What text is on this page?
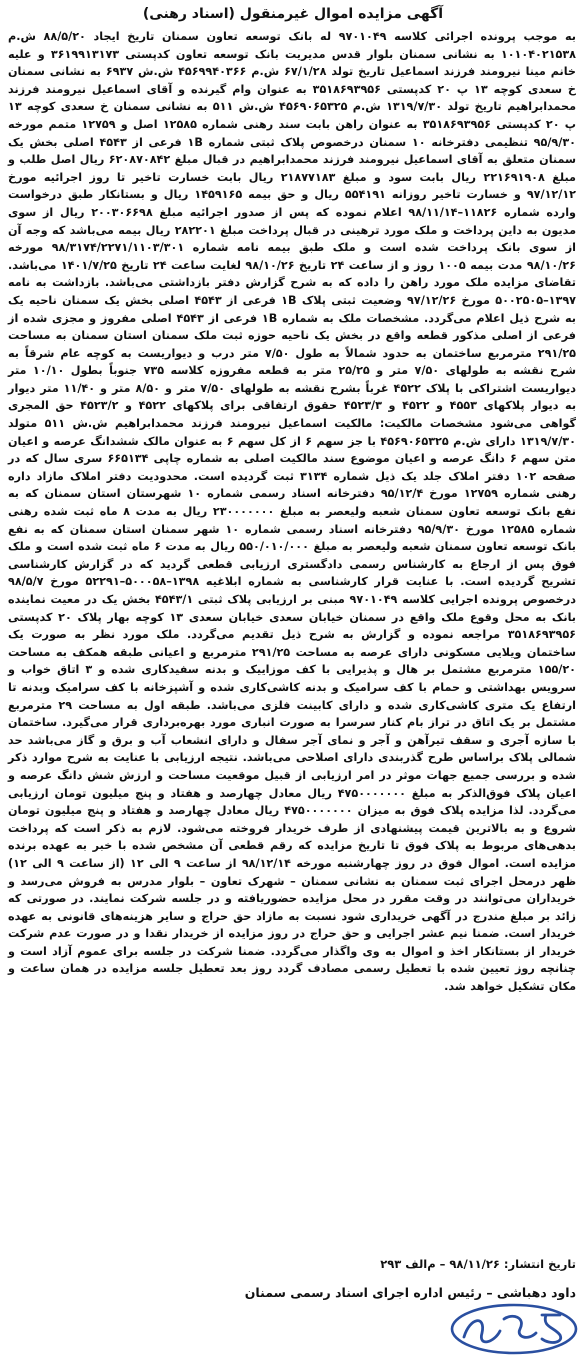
آگهی مزایده اموال غیرمنقول (اسناد رهنی)

به موجب پرونده اجرائی کلاسه ۹۷۰۱۰۴۹ له بانک توسعه تعاون سمنان تاریخ ایجاد ۸۸/۵/۲۰ ش.م ۱۰۱۰۴۰۲۱۵۳۸ به نشانی سمنان بلوار قدس مدیریت بانک توسعه تعاون کدپستی ۳۶۱۹۹۱۳۱۷۳ و علیه خانم مینا نیرومند فرزند اسماعیل تاریخ تولد ۶۷/۱/۲۸ ش.م ۴۵۶۹۹۴۰۳۶۶ ش.ش ۶۹۳۷ به نشانی سمنان خ سعدی کوچه ۱۳ پ ۲۰ کدپستی ۳۵۱۸۶۹۳۹۵۶ به عنوان وام گیرنده و آقای اسماعیل نیرومند فرزند محمدابراهیم تاریخ تولد ۱۳۱۹/۷/۳۰ ش.م ۴۵۶۹۰۶۵۳۲۵ ش.ش ۵۱۱ به نشانی سمنان خ سعدی کوچه ۱۳ پ ۲۰ کدپستی ۳۵۱۸۶۹۳۹۵۶ به عنوان راهن بابت سند رهنی شماره ۱۲۵۸۵ اصل و ۱۲۷۵۹ متمم مورخه ۹۵/۹/۳۰ تنظیمی دفترخانه ۱۰ سمنان درخصوص پلاک ثبتی شماره ۱B فرعی از ۴۵۴۳ اصلی بخش یک سمنان متعلق به آقای اسماعیل نیرومند فرزند محمدابراهیم در قبال مبلغ ۶۲۰۸۷۰۸۴۲ ریال اصل طلب و مبلغ ۲۲۱۶۹۱۹۰۸ ریال بابت سود و مبلغ ۲۱۸۷۷۱۸۳ ریال بابت خسارت تاخیر تا روز اجرائیه مورخ ۹۷/۱۲/۱۲ و خسارت تاخیر روزانه ۵۵۴۱۹۱ ریال و حق بیمه ۱۴۵۹۱۶۵ ریال و بستانکار طبق درخواست وارده شماره ۱۱۸۲۶–۹۸/۱۱/۱۴ اعلام نموده که پس از صدور اجرائیه مبلغ ۲۰۰۳۰۶۶۹۸ ریال از سوی مدیون به داین پرداخت و ملک مورد ترهینی در قبال پرداخت مبلغ ۲۸۲۲۰۱ ریال بیمه می‌باشد که وجه آن از سوی بانک پرداخت شده است و ملک طبق بیمه نامه شماره ۹۸/۳۱۷۴/۲۲۷۱/۱۱۰۳/۳۰۱ مورخه ۹۸/۱۰/۲۶ مدت بیمه ۱۰۰۵ روز و از ساعت ۲۴ تاریخ ۹۸/۱۰/۲۶ لغایت ساعت ۲۴ تاریخ ۱۴۰۱/۷/۲۵ می‌باشد. تقاضای مزایده ملک مورد راهن را داده که به شرح گزارش دفتر بازداشتی می‌باشد. بازداشت به نامه ۱۳۹۷–۵۰۰۲۵۰۵ مورخ ۹۷/۱۲/۲۶ وضعیت ثبتی پلاک ۱B فرعی از ۴۵۴۳ اصلی بخش یک سمنان ناحیه یک به شرح ذیل اعلام می‌گردد. مشخصات ملک به شماره ۱B فرعی از ۴۵۴۳ اصلی مفروز و مجزی شده از فرعی از اصلی مذکور قطعه واقع در بخش یک ناحیه حوزه ثبت ملک سمنان استان سمنان به مساحت ۲۹۱/۲۵ مترمربع ساختمان به حدود شمالاً به طول ۷/۵۰ متر درب و دیواریست به کوچه عام شرقاً به شرح نقشه به طولهای ۷/۵۰ متر و ۲۵/۲۵ متر به قطعه مفروزه کلاسه ۷۳۵ جنوباً بطول ۱۰/۱۰ متر دیواریست اشتراکی با پلاک ۴۵۲۲ غرباً بشرح نقشه به طولهای ۷/۵۰ متر و ۸/۵۰ متر و ۱۱/۴۰ متر دیوار به دیوار پلاکهای ۴۵۵۳ و ۴۵۲۲ و ۴۵۲۳/۳ حقوق ارتفاقی برای پلاکهای ۴۵۲۲ و ۴۵۲۳/۲ حق المجری گواهی می‌شود مشخصات مالکیت: مالکیت اسماعیل نیرومند فرزند محمدابراهیم ش.ش ۵۱۱ متولد ۱۳۱۹/۷/۳۰ دارای ش.م ۴۵۶۹۰۶۵۳۲۵ با جز سهم ۶ از کل سهم ۶ به عنوان مالک ششدانگ عرصه و اعیان متن سهم ۶ دانگ عرصه و اعیان موضوع سند مالکیت اصلی به شماره چاپی ۶۶۵۱۳۴ سری سال که در صفحه ۱۰۲ دفتر املاک جلد یک ذیل شماره ۳۱۳۴ ثبت گردیده است. محدودیت دفتر املاک مازاد داره رهنی شماره ۱۲۷۵۹ مورخ ۹۵/۱۲/۴ دفترخانه اسناد رسمی شماره ۱۰ شهرستان استان سمنان که به نفع بانک توسعه تعاون سمنان شعبه ولیعصر به مبلغ ۲۳۰۰۰۰۰۰۰ ریال به مدت ۸ ماه ثبت شده رهنی شماره ۱۲۵۸۵ مورخ ۹۵/۹/۳۰ دفترخانه اسناد رسمی شماره ۱۰ شهر سمنان استان سمنان که به نفع بانک توسعه تعاون سمنان شعبه ولیعصر به مبلغ ۵۵۰/۰۱۰/۰۰۰ ریال به مدت ۶ ماه ثبت شده است و ملک فوق پس از ارجاع به کارشناس رسمی دادگستری ارزیابی قطعی گردید که در گزارش کارشناسی تشریح گردیده است. با عنایت قرار کارشناسی به شماره ابلاغیه ۱۳۹۸–۵۰۰۰۵۸–۵۲۲۹۱ مورخ ۹۸/۵/۷ درخصوص پرونده اجرایی کلاسه ۹۷۰۱۰۴۹ مبنی بر ارزیابی پلاک ثبتی ۴۵۴۳/۱ بخش یک در معیت نماینده بانک به محل وقوع ملک واقع در سمنان خیابان سعدی خیابان سعدی ۱۳ کوچه بهار پلاک ۲۰ کدپستی ۳۵۱۸۶۹۳۹۵۶ مراجعه نموده و گزارش به شرح ذیل تقدیم می‌گردد. ملک مورد نظر به صورت یک ساختمان ویلایی مسکونی دارای عرصه به مساحت ۲۹۱/۲۵ مترمربع و اعیانی طبقه همکف به مساحت ۱۵۵/۲۰ مترمربع مشتمل بر هال و پذیرایی با کف موزاییک و بدنه سفیدکاری شده و ۳ اتاق خواب و سرویس بهداشتی و حمام با کف سرامیک و بدنه کاشی‌کاری شده و آشپزخانه با کف سرامیک وبدنه تا ارتفاع یک متری کاشی‌کاری شده و دارای کابینت فلزی می‌باشد. طبقه اول به مساحت ۲۹ مترمربع مشتمل بر یک اتاق در تراز بام کنار سرسرا به صورت انباری مورد بهره‌برداری قرار می‌گیرد. ساختمان با سازه آجری و سقف تیرآهن و آجر و نمای آجر سفال و دارای انشعاب آب و برق و گاز می‌باشد حد شمالی پلاک براساس طرح گذربندی دارای اصلاحی می‌باشد. نتیجه ارزیابی با عنایت به شرح موارد ذکر شده و بررسی جمیع جهات موثر در امر ارزیابی از قبیل موقعیت مساحت و ارزش شش دانگ عرصه و اعیان پلاک فوق‌الذکر به مبلغ ۴۷۵۰۰۰۰۰۰۰ ریال معادل چهارصد و هفتاد و پنج میلیون تومان ارزیابی می‌گردد. لذا مزایده پلاک فوق به میزان ۴۷۵۰۰۰۰۰۰۰ ریال معادل چهارصد و هفتاد و پنج میلیون تومان شروع و به بالاترین قیمت پیشنهادی از طرف خریدار فروخته می‌شود. لازم به ذکر است که پرداخت بدهی‌های مربوط به پلاک فوق تا تاریخ مزایده که رقم قطعی آن مشخص شده با خبر به عهده برنده مزایده است. اموال فوق در روز چهارشنبه مورخه ۹۸/۱۲/۱۴ از ساعت ۹ الی ۱۲ (از ساعت ۹ الی ۱۲) ظهر درمحل اجرای ثبت سمنان به نشانی سمنان – شهرک تعاون – بلوار مدرس به فروش می‌رسد و خریداران می‌توانند در وقت مقرر در محل مزایده حضوریافته و در جلسه شرکت نمایند. در صورتی که زائد بر مبلغ مندرج در آگهی خریداری شود نسبت به مازاد حق حراج و سایر هزینه‌های قانونی به عهده خریدار است. ضمنا نیم عشر اجرایی و حق حراج در روز مزایده از خریدار نقدا و در صورت عدم شرکت خریدار از بستانکار اخذ و اموال به وی واگذار می‌گردد. ضمنا شرکت در جلسه برای عموم آزاد است و چنانچه روز تعیین شده با تعطیل رسمی مصادف گردد روز بعد تعطیل جلسه مزایده در همان ساعت و مکان تشکیل خواهد شد.

تاریخ انتشار: ۹۸/۱۱/۲۶ – م‌الف ۲۹۳
داود دهباشی – رئیس اداره اجرای اسناد رسمی سمنان
